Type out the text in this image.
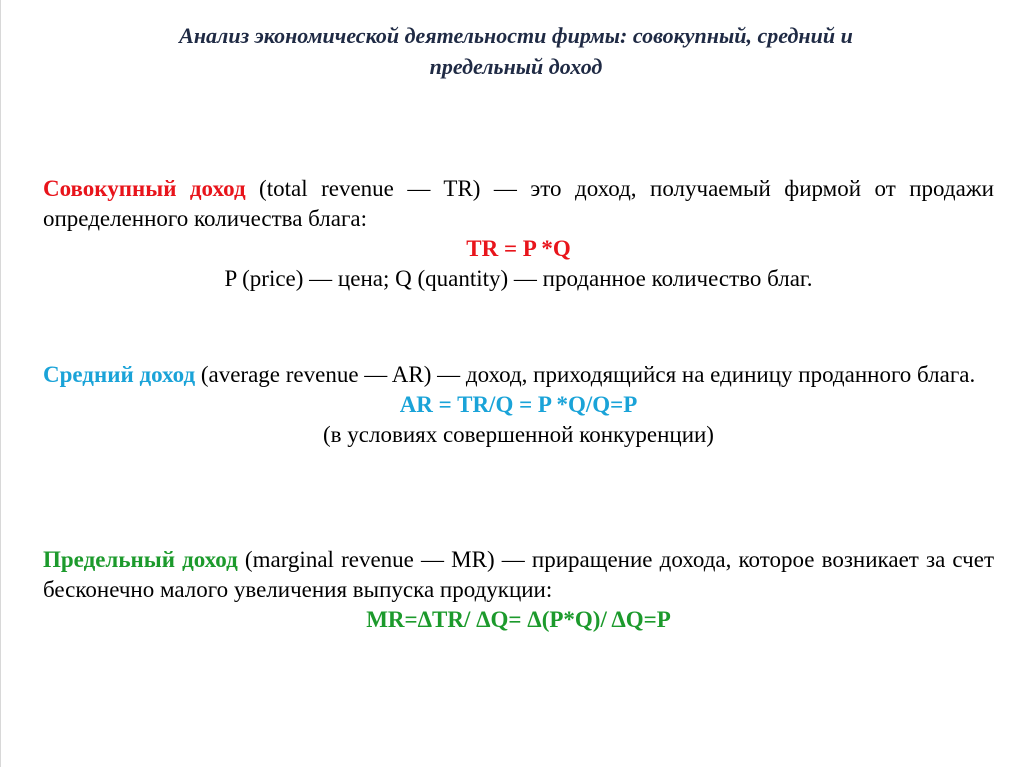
Анализ экономической деятельности фирмы: совокупный, средний и
предельный доход
Совокупный доход (total revenue — TR) — это доход, получаемый фирмой от продажи определенного количества блага:
TR = P *Q
P (price) — цена; Q (quantity) — проданное количество благ.
Средний доход (average revenue — AR) — доход, приходящийся на единицу проданного блага.
AR = TR/Q = P *Q/Q=P
(в условиях совершенной конкуренции)
Предельный доход (marginal revenue — MR) — приращение дохода, которое возникает за счет бесконечно малого увеличения выпуска продукции:
MR=ΔTR/ ΔQ= Δ(P*Q)/ ΔQ=P
